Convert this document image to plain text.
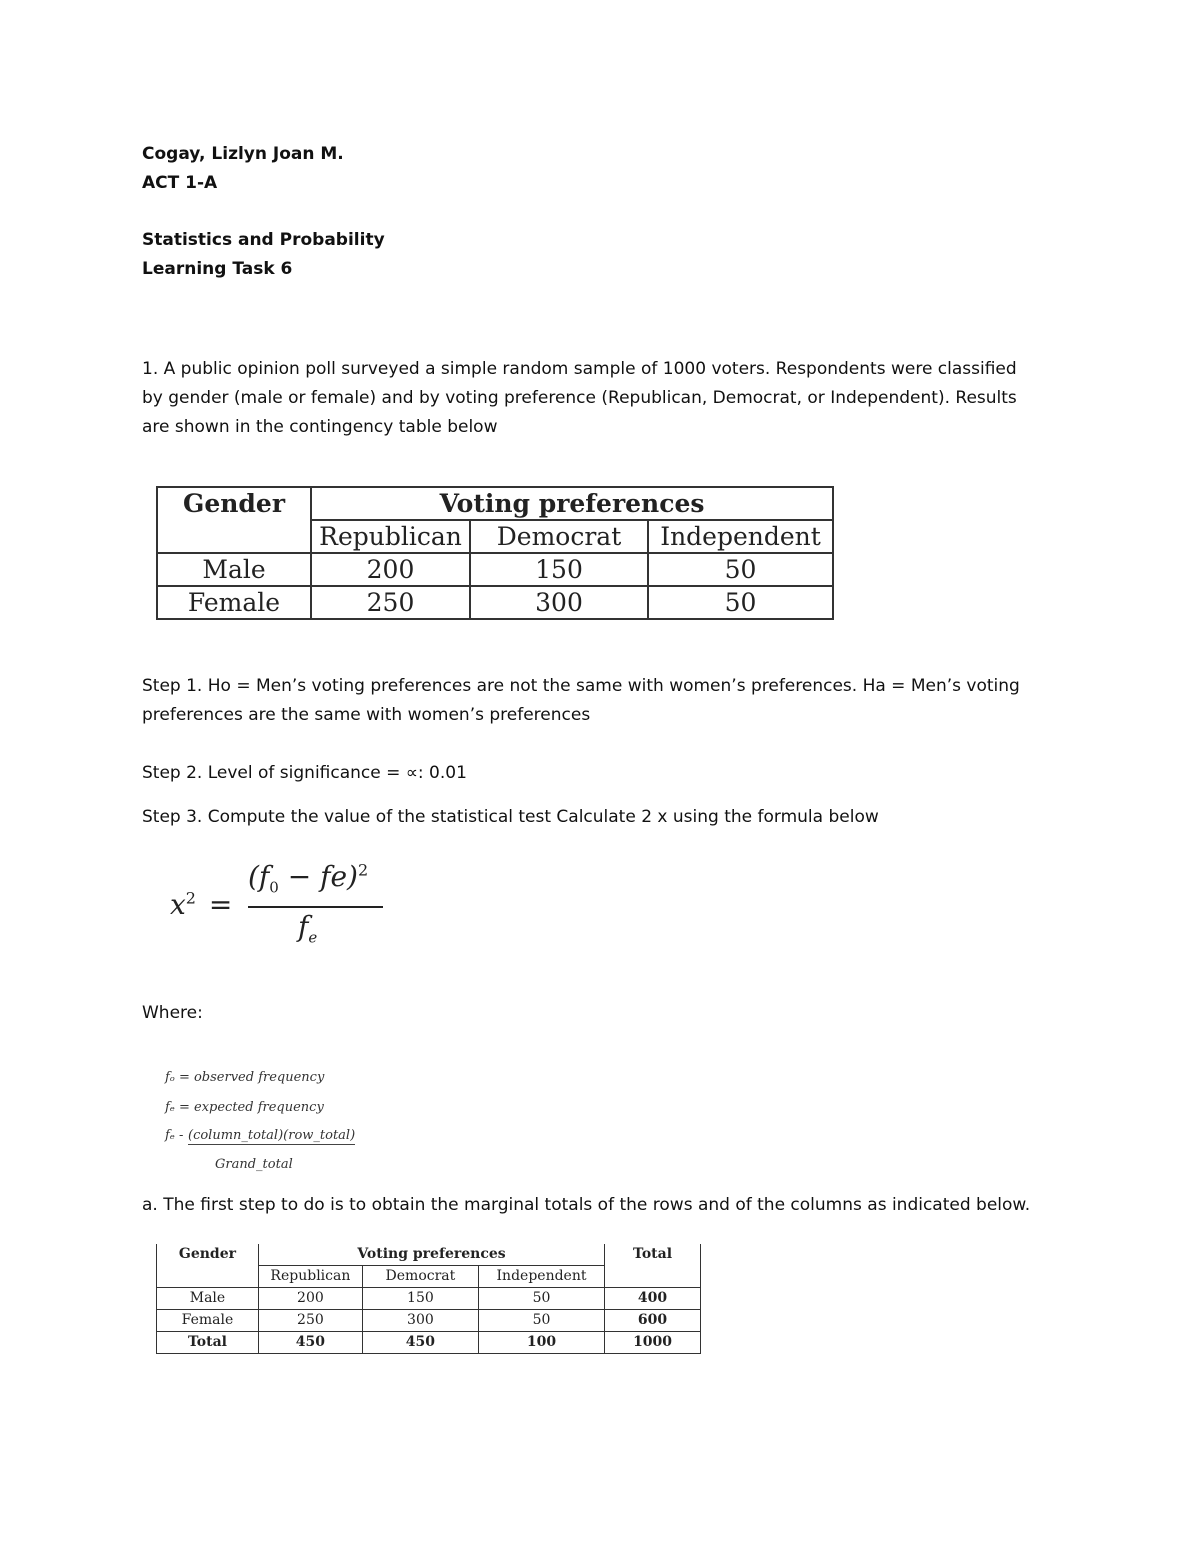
Cogay, Lizlyn Joan M.
ACT 1-A
Statistics and Probability
Learning Task 6
1. A public opinion poll surveyed a simple random sample of 1000 voters. Respondents were classified
by gender (male or female) and by voting preference (Republican, Democrat, or Independent). Results
are shown in the contingency table below
Gender	Voting preferences		
	Republican	Democrat	Independent
Male	200	150	50
Female	250	300	50
Step 1. Ho = Men’s voting preferences are not the same with women’s preferences. Ha = Men’s voting
preferences are the same with women’s preferences
Step 2. Level of significance = ∝: 0.01
Step 3. Compute the value of the statistical test Calculate 2 x using the formula below
$x^2$ =
$(f_0 - fe)^2$
$f_e$
Where:
fₒ = observed frequency
fₑ = expected frequency
fₑ - (column_total)(row_total)
Grand_total
a. The first step to do is to obtain the marginal totals of the rows and of the columns as indicated below.
Gender	Voting preferences			Total
	Republican	Democrat	Independent	
Male	200	150	50	400
Female	250	300	50	600
Total	450	450	100	1000
